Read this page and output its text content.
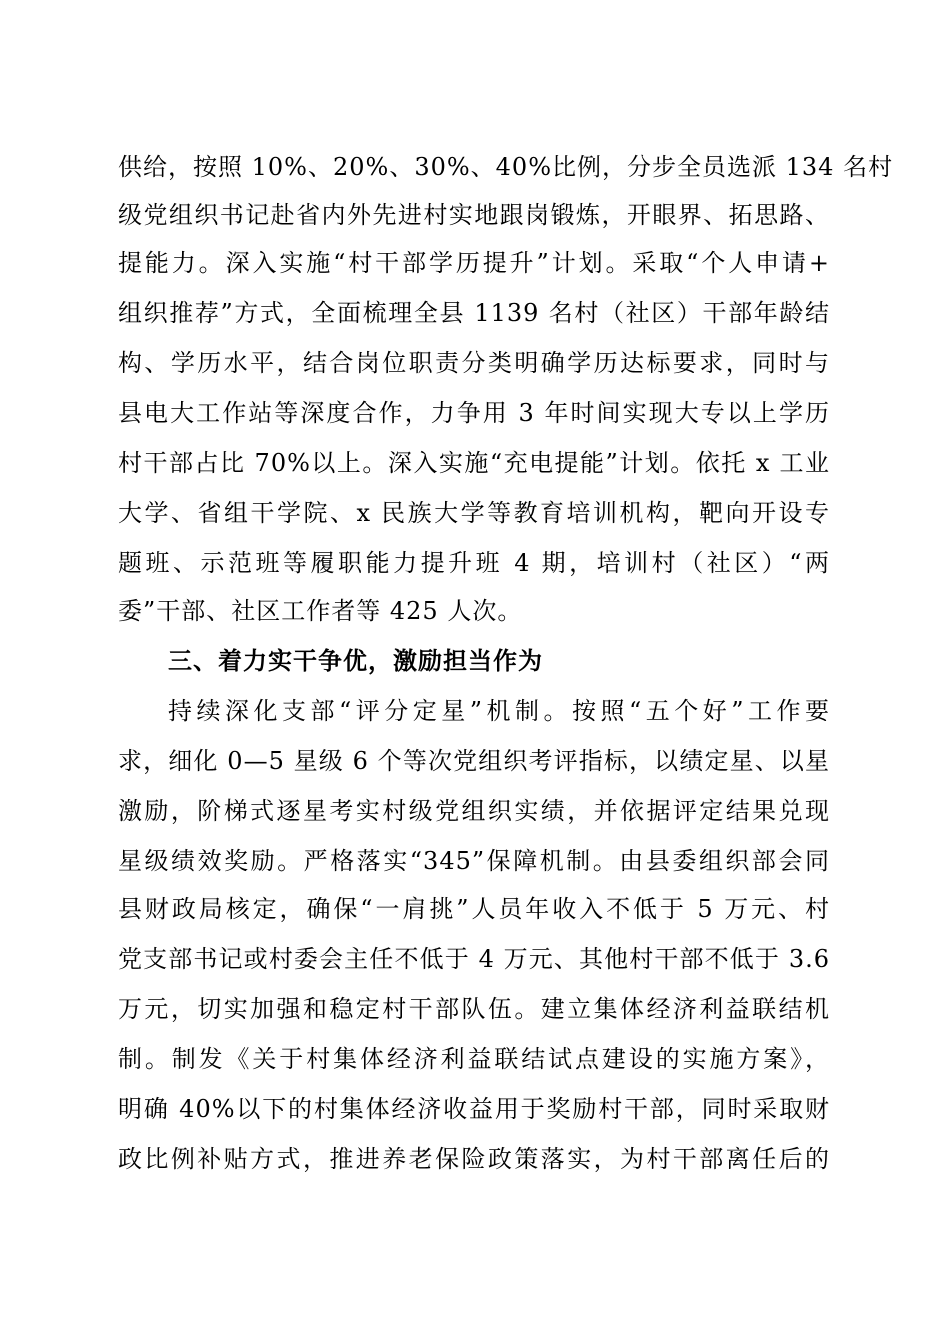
供给，按照 10%、20%、30%、40%比例，分步全员选派 134 名村
级党组织书记赴省内外先进村实地跟岗锻炼，开眼界、拓思路、
提能力。深入实施“村干部学历提升”计划。采取“个人申请+
组织推荐”方式，全面梳理全县 1139 名村（社区）干部年龄结
构、学历水平，结合岗位职责分类明确学历达标要求，同时与
县电大工作站等深度合作，力争用 3 年时间实现大专以上学历
村干部占比 70%以上。深入实施“充电提能”计划。依托 x 工业
大学、省组干学院、x 民族大学等教育培训机构，靶向开设专
题班、示范班等履职能力提升班 4 期，培训村（社区）“两
委”干部、社区工作者等 425 人次。
三、着力实干争优，激励担当作为
持续深化支部“评分定星”机制。按照“五个好”工作要
求，细化 0—5 星级 6 个等次党组织考评指标，以绩定星、以星
激励，阶梯式逐星考实村级党组织实绩，并依据评定结果兑现
星级绩效奖励。严格落实“345”保障机制。由县委组织部会同
县财政局核定，确保“一肩挑”人员年收入不低于 5 万元、村
党支部书记或村委会主任不低于 4 万元、其他村干部不低于 3.6
万元，切实加强和稳定村干部队伍。建立集体经济利益联结机
制。制发《关于村集体经济利益联结试点建设的实施方案》，
明确 40%以下的村集体经济收益用于奖励村干部，同时采取财
政比例补贴方式，推进养老保险政策落实，为村干部离任后的
